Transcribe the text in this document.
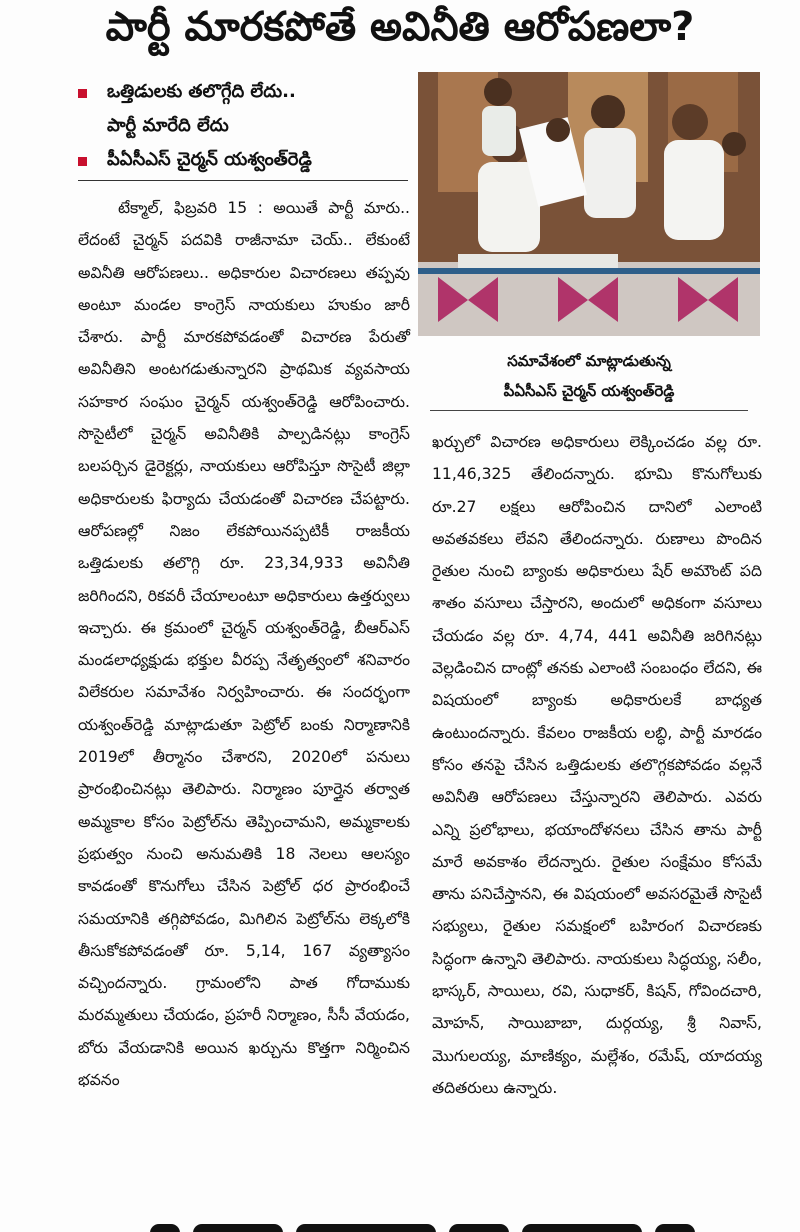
పార్టీ మారకపోతే అవినీతి ఆరోపణలా?
ఒత్తిడులకు తలొగ్గేది లేదు..
పార్టీ మారేది లేదు
పీఏసీఎస్ చైర్మన్ యశ్వంత్‌రెడ్డి

టేక్మాల్, ఫిబ్రవరి 15 : అయితే పార్టీ మారు.. లేదంటే చైర్మన్ పదవికి రాజీనామా చెయ్.. లేకుంటే అవినీతి ఆరోపణలు.. అధికారుల విచారణలు తప్పవు అంటూ మండల కాంగ్రెస్ నాయకులు హుకుం జారీ చేశారు. పార్టీ మారకపోవడంతో విచారణ పేరుతో అవినీతిని అంటగడుతున్నారని ప్రాథమిక వ్యవసాయ సహకార సంఘం చైర్మన్ యశ్వంత్‌రెడ్డి ఆరోపించారు. సొసైటీలో చైర్మన్ అవినీతికి పాల్పడినట్లు కాంగ్రెస్ బలపర్చిన డైరెక్టర్లు, నాయకులు ఆరోపిస్తూ సొసైటీ జిల్లా అధికారులకు ఫిర్యాదు చేయడంతో విచారణ చేపట్టారు. ఆరోపణల్లో నిజం లేకపోయినప్పటికీ రాజకీయ ఒత్తిడులకు తలొగ్గి రూ. 23,34,933 అవినీతి జరిగిందని, రికవరీ చేయాలంటూ అధికారులు ఉత్తర్వులు ఇచ్చారు. ఈ క్రమంలో చైర్మన్ యశ్వంత్‌రెడ్డి, బీఆర్ఎస్ మండలాధ్యక్షుడు భక్తుల వీరప్ప నేతృత్వంలో శనివారం విలేకరుల సమావేశం నిర్వహించారు. ఈ సందర్భంగా యశ్వంత్‌రెడ్డి మాట్లాడుతూ పెట్రోల్ బంకు నిర్మాణానికి 2019లో తీర్మానం చేశారని, 2020లో పనులు ప్రారంభించినట్లు తెలిపారు. నిర్మాణం పూర్తైన తర్వాత అమ్మకాల కోసం పెట్రోల్‌ను తెప్పించామని, అమ్మకాలకు ప్రభుత్వం నుంచి అనుమతికి 18 నెలలు ఆలస్యం కావడంతో కొనుగోలు చేసిన పెట్రోల్ ధర ప్రారంభించే సమయానికి తగ్గిపోవడం, మిగిలిన పెట్రోల్‌ను లెక్కలోకి తీసుకోకపోవడంతో రూ. 5,14, 167 వ్యత్యాసం వచ్చిందన్నారు. గ్రామంలోని పాత గోదాముకు మరమ్మతులు చేయడం, ప్రహరీ నిర్మాణం, సీసీ వేయడం, బోరు వేయడానికి అయిన ఖర్చును కొత్తగా నిర్మించిన భవనం

సమావేశంలో మాట్లాడుతున్న
పీఏసీఎస్ చైర్మన్ యశ్వంత్‌రెడ్డి

ఖర్చులో విచారణ అధికారులు లెక్కించడం వల్ల రూ. 11,46,325 తేలిందన్నారు. భూమి కొనుగోలుకు రూ.27 లక్షలు ఆరోపించిన దానిలో ఎలాంటి అవతవకలు లేవని తేలిందన్నారు. రుణాలు పొందిన రైతుల నుంచి బ్యాంకు అధికారులు షేర్ అమౌంట్ పది శాతం వసూలు చేస్తారని, అందులో అధికంగా వసూలు చేయడం వల్ల రూ. 4,74, 441 అవినీతి జరిగినట్లు వెల్లడించిన దాంట్లో తనకు ఎలాంటి సంబంధం లేదని, ఈ విషయంలో బ్యాంకు అధికారులకే బాధ్యత ఉంటుందన్నారు. కేవలం రాజకీయ లబ్ధి, పార్టీ మారడం కోసం తనపై చేసిన ఒత్తిడులకు తలొగ్గకపోవడం వల్లనే అవినీతి ఆరోపణలు చేస్తున్నారని తెలిపారు. ఎవరు ఎన్ని ప్రలోభాలు, భయాందోళనలు చేసిన తాను పార్టీ మారే అవకాశం లేదన్నారు. రైతుల సంక్షేమం కోసమే తాను పనిచేస్తానని, ఈ విషయంలో అవసరమైతే సొసైటీ సభ్యులు, రైతుల సమక్షంలో బహిరంగ విచారణకు సిద్ధంగా ఉన్నాని తెలిపారు. నాయకులు సిద్ధయ్య, సలీం, భాస్కర్, సాయిలు, రవి, సుధాకర్, కిషన్, గోవిందచారి, మోహన్, సాయిబాబా, దుర్గయ్య, శ్రీ నివాస్, మొగులయ్య, మాణిక్యం, మల్లేశం, రమేష్, యాదయ్య తదితరులు ఉన్నారు.
